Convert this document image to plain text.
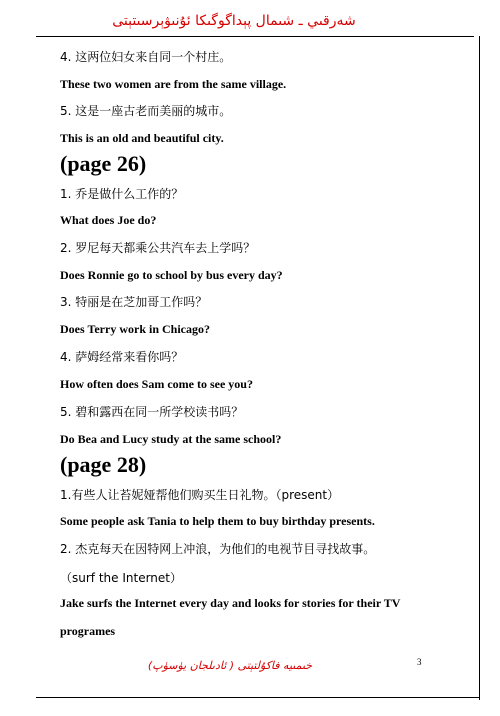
شەرقىي ـ شىمال پېداگوگىكا ئۇنىۋېرسىتېتى
4. 这两位妇女来自同一个村庄。
These two women are from the same village.
5. 这是一座古老而美丽的城市。
This is an old and beautiful city.
(page 26)
1. 乔是做什么工作的？
What does Joe do?
2. 罗尼每天都乘公共汽车去上学吗？
Does Ronnie go to school by bus every day?
3. 特丽是在芝加哥工作吗？
Does Terry work in Chicago?
4. 萨姆经常来看你吗？
How often does Sam come to see you?
5. 碧和露西在同一所学校读书吗？
Do Bea and Lucy study at the same school?
(page 28)
1.有些人让苔妮娅帮他们购买生日礼物。（present）
Some people ask Tania to help them to buy birthday presents.
2. 杰克每天在因特网上冲浪，为他们的电视节目寻找故事。
（surf the Internet）
Jake surfs the Internet every day and looks for stories for their TV
programes
3
خىمىيە فاكۇلتېتى ( ئادىلجان يۈسۈپ)
